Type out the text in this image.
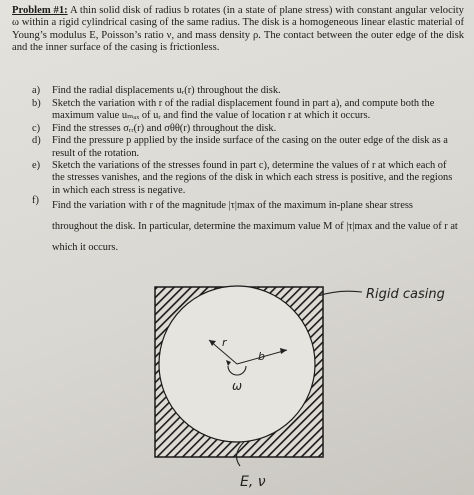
Problem #1: A thin solid disk of radius b rotates (in a state of plane stress) with constant angular velocity ω within a rigid cylindrical casing of the same radius. The disk is a homogeneous linear elastic material of Young’s modulus E, Poisson’s ratio ν, and mass density ρ. The contact between the outer edge of the disk and the inner surface of the casing is frictionless.
a)	Find the radial displacements uᵣ(r) throughout the disk.
b)	Sketch the variation with r of the radial displacement found in part a), and compute both the maximum value uₘₐₓ of uᵣ and find the value of location r at which it occurs.
c)	Find the stresses σᵣᵣ(r) and σθθ(r) throughout the disk.
d)	Find the pressure p applied by the inside surface of the casing on the outer edge of the disk as a result of the rotation.
e)	Sketch the variations of the stresses found in part c), determine the values of r at which each of the stresses vanishes, and the regions of the disk in which each stress is positive, and the regions in which each stress is negative.
f)	Find the variation with r of the magnitude |τ|max of the maximum in-plane shear stress throughout the disk. In particular, determine the maximum value M of |τ|max and the value of r at which it occurs.
Rigid casing
r
b
ω
E, ν
